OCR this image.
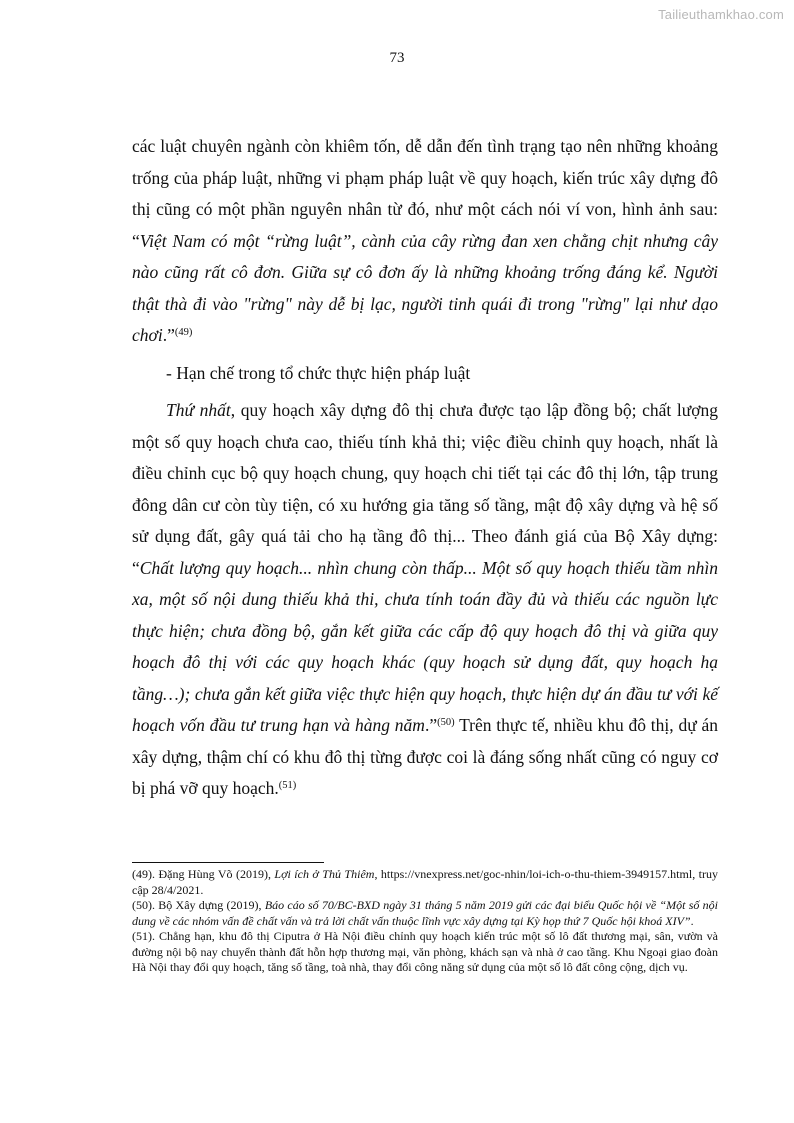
Tailieuthamkhao.com
73

các luật chuyên ngành còn khiêm tốn, dễ dẫn đến tình trạng tạo nên những khoảng trống của pháp luật, những vi phạm pháp luật về quy hoạch, kiến trúc xây dựng đô thị cũng có một phần nguyên nhân từ đó, như một cách nói ví von, hình ảnh sau: “Việt Nam có một “rừng luật”, cành của cây rừng đan xen chằng chịt nhưng cây nào cũng rất cô đơn. Giữa sự cô đơn ấy là những khoảng trống đáng kể. Người thật thà đi vào "rừng" này dễ bị lạc, người tinh quái đi trong "rừng" lại như dạo chơi.”$^{(49)}$

- Hạn chế trong tổ chức thực hiện pháp luật

Thứ nhất, quy hoạch xây dựng đô thị chưa được tạo lập đồng bộ; chất lượng một số quy hoạch chưa cao, thiếu tính khả thi; việc điều chỉnh quy hoạch, nhất là điều chỉnh cục bộ quy hoạch chung, quy hoạch chi tiết tại các đô thị lớn, tập trung đông dân cư còn tùy tiện, có xu hướng gia tăng số tầng, mật độ xây dựng và hệ số sử dụng đất, gây quá tải cho hạ tầng đô thị... Theo đánh giá của Bộ Xây dựng: “Chất lượng quy hoạch... nhìn chung còn thấp... Một số quy hoạch thiếu tầm nhìn xa, một số nội dung thiếu khả thi, chưa tính toán đầy đủ và thiếu các nguồn lực thực hiện; chưa đồng bộ, gắn kết giữa các cấp độ quy hoạch đô thị và giữa quy hoạch đô thị với các quy hoạch khác (quy hoạch sử dụng đất, quy hoạch hạ tầng…); chưa gắn kết giữa việc thực hiện quy hoạch, thực hiện dự án đầu tư với kế hoạch vốn đầu tư trung hạn và hàng năm.”$^{(50)}$ Trên thực tế, nhiều khu đô thị, dự án xây dựng, thậm chí có khu đô thị từng được coi là đáng sống nhất cũng có nguy cơ bị phá vỡ quy hoạch.$^{(51)}$

(49). Đặng Hùng Võ (2019), Lợi ích ở Thủ Thiêm, https://vnexpress.net/goc-nhin/loi-ich-o-thu-thiem-3949157.html, truy cập 28/4/2021.

(50). Bộ Xây dựng (2019), Báo cáo số 70/BC-BXD ngày 31 tháng 5 năm 2019 gửi các đại biểu Quốc hội về “Một số nội dung về các nhóm vấn đề chất vấn và trả lời chất vấn thuộc lĩnh vực xây dựng tại Kỳ họp thứ 7 Quốc hội khoá XIV”.

(51). Chẳng hạn, khu đô thị Ciputra ở Hà Nội điều chỉnh quy hoạch kiến trúc một số lô đất thương mại, sân, vườn và đường nội bộ nay chuyển thành đất hỗn hợp thương mại, văn phòng, khách sạn và nhà ở cao tầng. Khu Ngoại giao đoàn Hà Nội thay đổi quy hoạch, tăng số tầng, toà nhà, thay đổi công năng sử dụng của một số lô đất công cộng, dịch vụ.
